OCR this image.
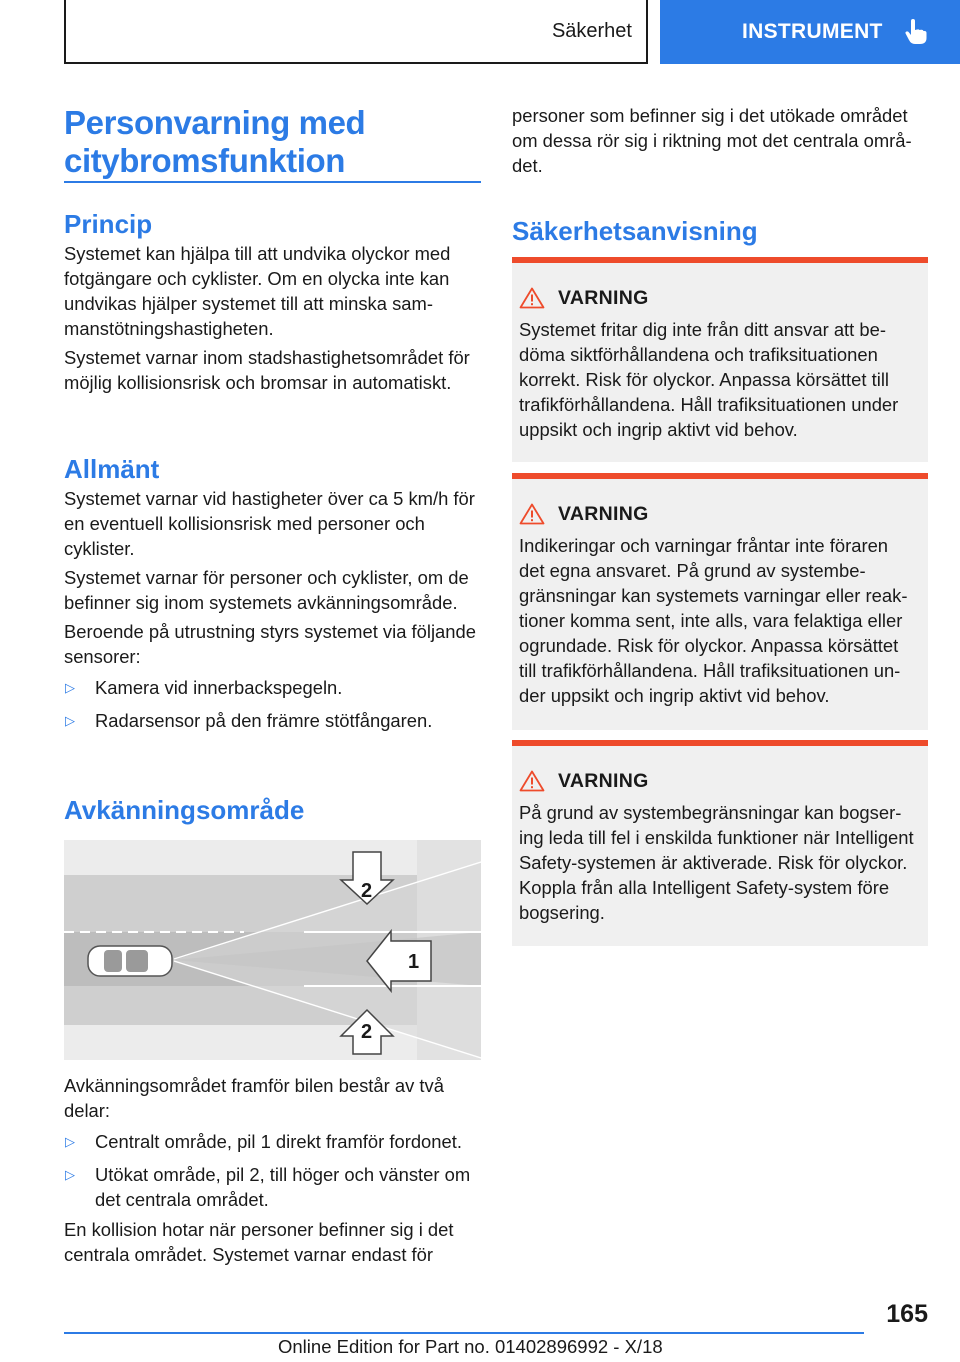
Säkerhet	INSTRUMENT
Personvarning med
citybromsfunktion
Princip

Systemet kan hjälpa till att undvika olyckor med fotgängare och cyklister. Om en olycka inte kan undvikas hjälper systemet till att minska sammanstötningshastigheten.

Systemet varnar inom stadshastighetsområdet för möjlig kollisionsrisk och bromsar in automatiskt.

Allmänt

Systemet varnar vid hastigheter över ca 5 km/h för en eventuell kollisionsrisk med personer och cyklister.

Systemet varnar för personer och cyklister, om de befinner sig inom systemets avkänningsområde.

Beroende på utrustning styrs systemet via följande sensorer:

▷	Kamera vid innerbackspegeln.
▷	Radarsensor på den främre stötfångaren.
Avkänningsområde
1
2
2

Avkänningsområdet framför bilen består av två delar:

▷	Centralt område, pil 1 direkt framför fordonet.
▷	Utökat område, pil 2, till höger och vänster om det centrala området.

En kollision hotar när personer befinner sig i det centrala området. Systemet varnar endast för

personer som befinner sig i det utökade området om dessa rör sig i riktning mot det centrala området.

Säkerhetsanvisning
VARNING

Systemet fritar dig inte från ditt ansvar att bedöma siktförhållandena och trafiksituationen korrekt. Risk för olyckor. Anpassa körsättet till trafikförhållandena. Håll trafiksituationen under uppsikt och ingrip aktivt vid behov.

VARNING

Indikeringar och varningar fråntar inte föraren det egna ansvaret. På grund av systembegränsningar kan systemets varningar eller reaktioner komma sent, inte alls, vara felaktiga eller ogrundade. Risk för olyckor. Anpassa körsättet till trafikförhållandena. Håll trafiksituationen under uppsikt och ingrip aktivt vid behov.

VARNING

På grund av systembegränsningar kan bogsering leda till fel i enskilda funktioner när Intelligent Safety-systemen är aktiverade. Risk för olyckor. Koppla från alla Intelligent Safety-system före bogsering.

165
Online Edition for Part no. 01402896992 - X/18
